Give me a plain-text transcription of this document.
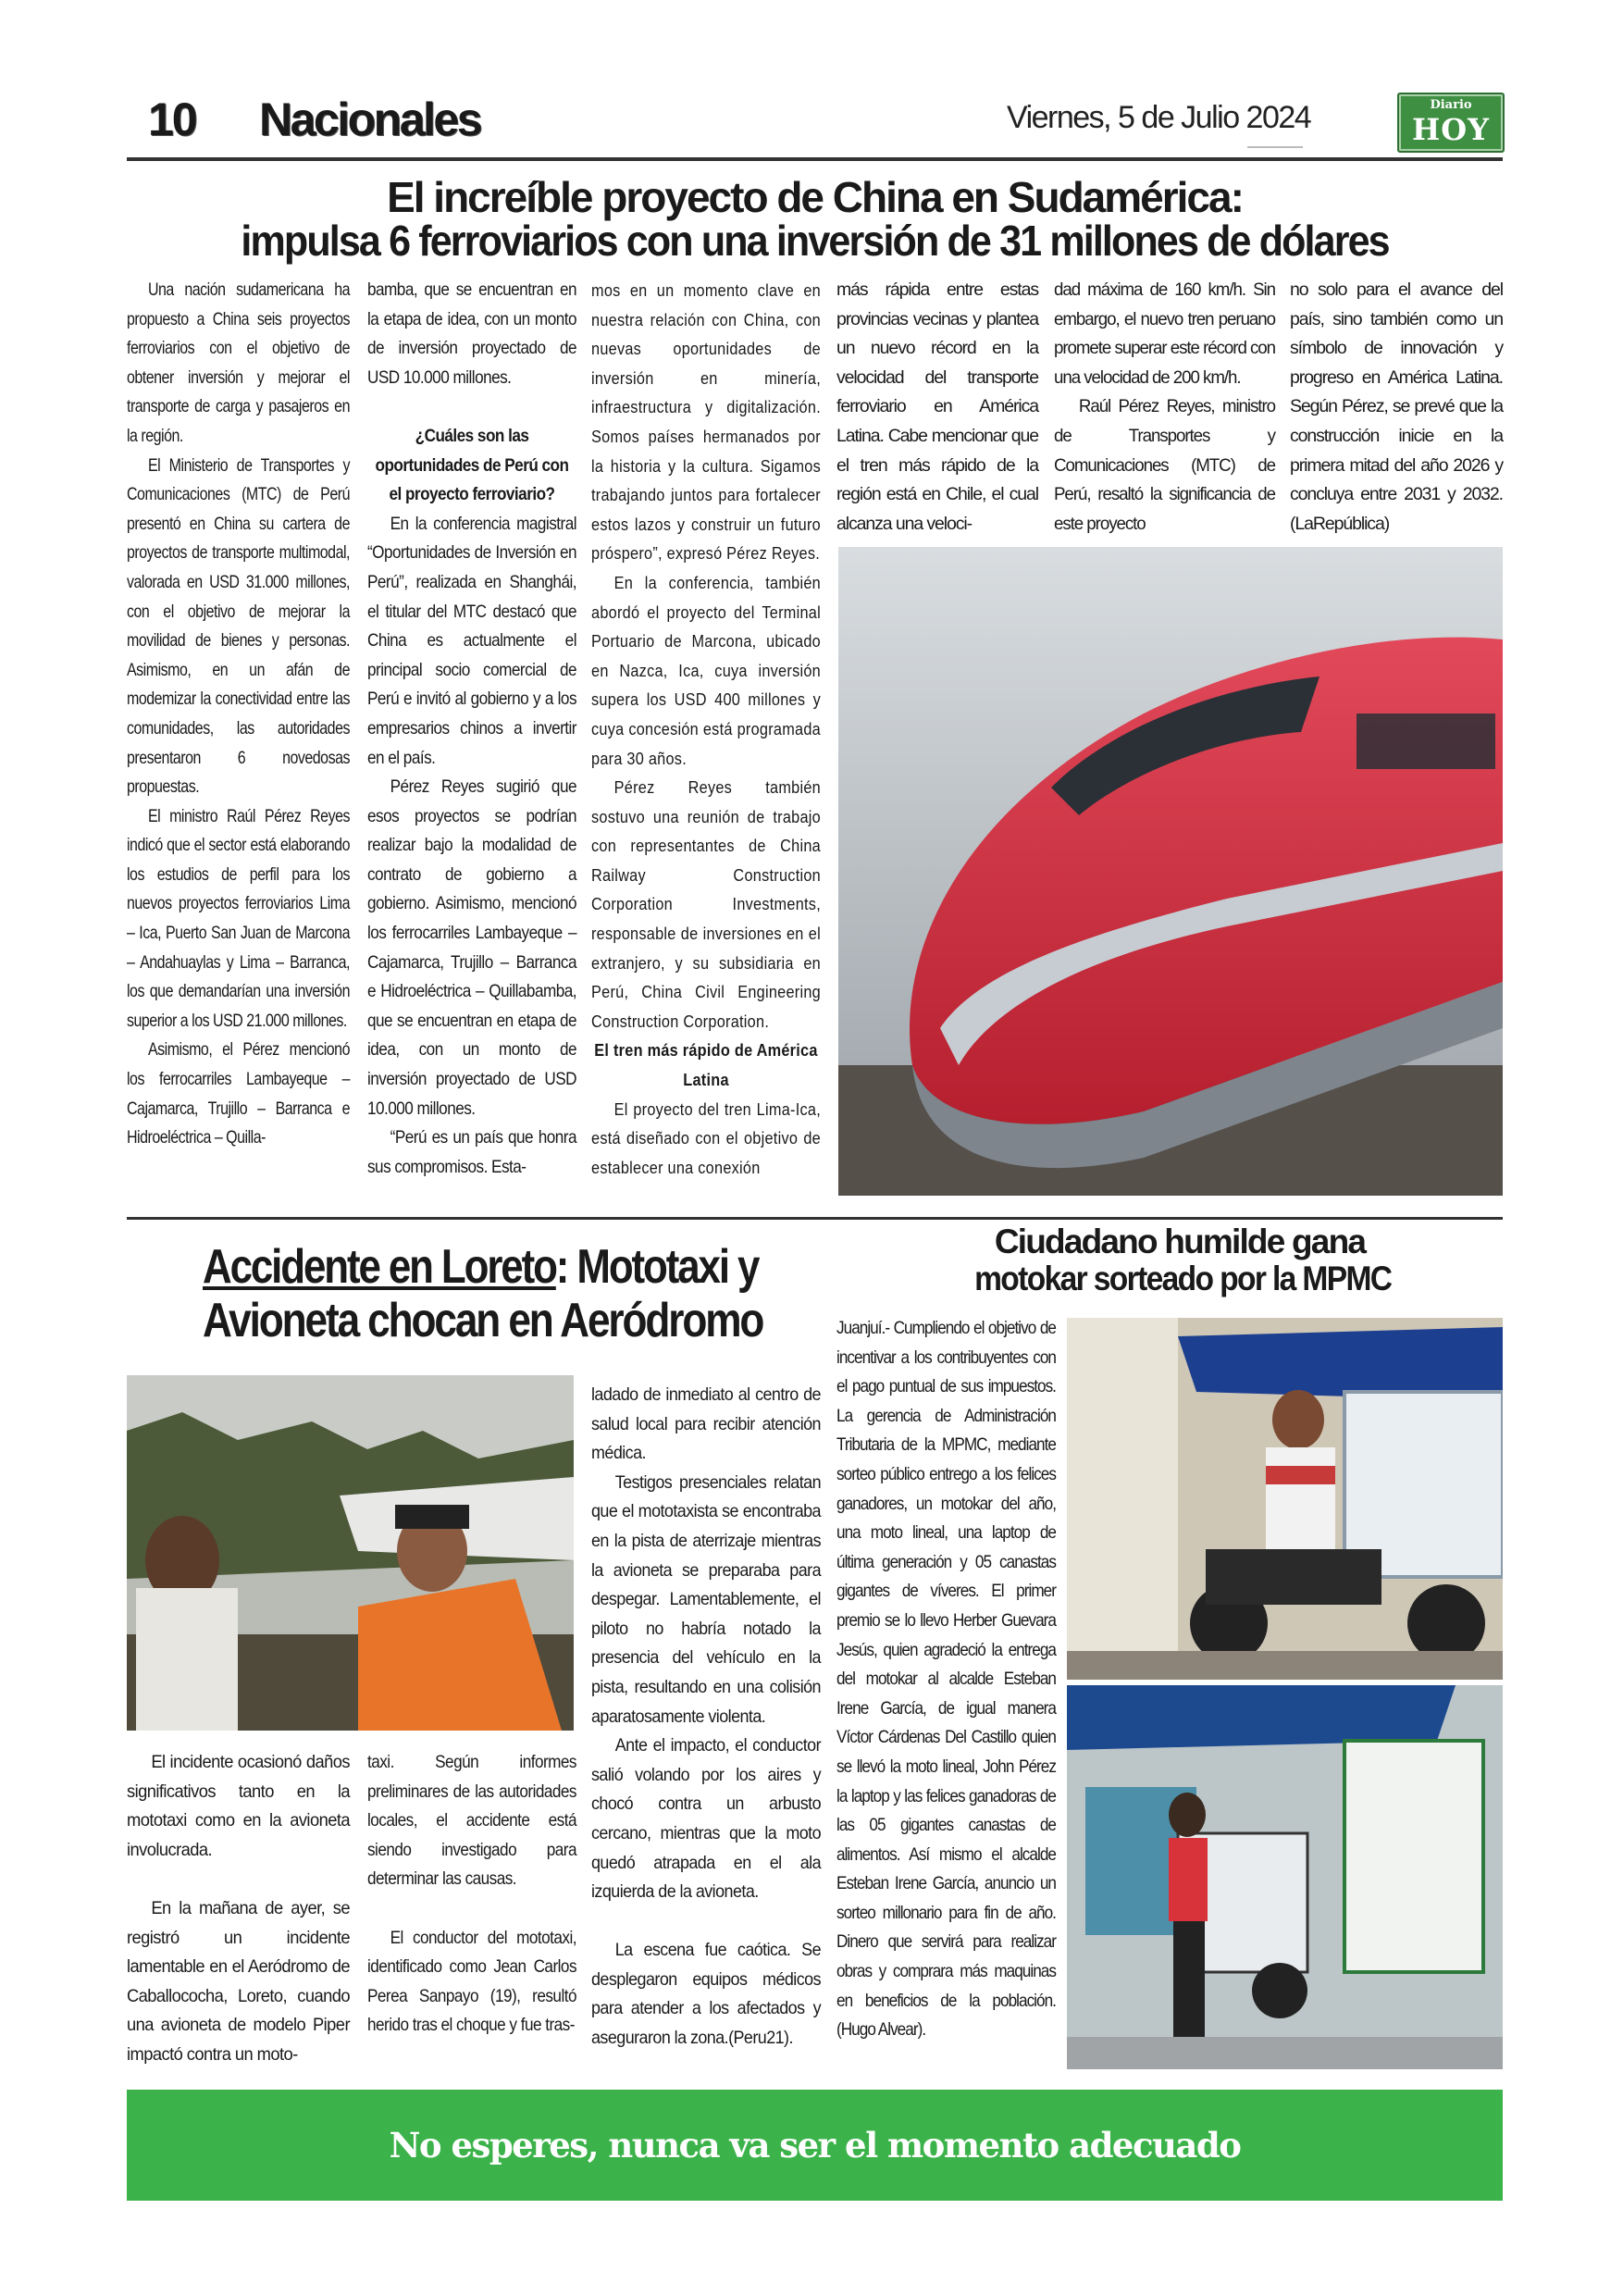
10 Nacionales	Viernes, 5 de Julio 2024	Diario
HOY
El increíble proyecto de China en Sudamérica:
impulsa 6 ferroviarios con una inversión de 31 millones de dólares

Una nación sudamericana ha propuesto a China seis proyectos ferroviarios con el objetivo de obtener inversión y mejorar el transporte de carga y pasajeros en la región.

El Ministerio de Transportes y Comunicaciones (MTC) de Perú presentó en China su cartera de proyectos de transporte multimodal, valorada en USD 31.000 millones, con el objetivo de mejorar la movilidad de bienes y personas. Asimismo, en un afán de modemizar la conectividad entre las comunidades, las autoridades presentaron 6 novedosas propuestas.

El ministro Raúl Pérez Reyes indicó que el sector está elaborando los estudios de perfil para los nuevos proyectos ferroviarios Lima – Ica, Puerto San Juan de Marcona – Andahuaylas y Lima – Barranca, los que demandarían una inversión superior a los USD 21.000 millones.

Asimismo, el Pérez mencionó los ferrocarriles Lambayeque – Cajamarca, Trujillo – Barranca e Hidroeléctrica – Quilla-

bamba, que se encuentran en la etapa de idea, con un monto de inversión proyectado de USD 10.000 millones.

¿Cuáles son las oportunidades de Perú con el proyecto ferroviario?

En la conferencia magistral “Oportunidades de Inversión en Perú”, realizada en Shanghái, el titular del MTC destacó que China es actualmente el principal socio comercial de Perú e invitó al gobierno y a los empresarios chinos a invertir en el país.

Pérez Reyes sugirió que esos proyectos se podrían realizar bajo la modalidad de contrato de gobierno a gobierno. Asimismo, mencionó los ferrocarriles Lambayeque – Cajamarca, Trujillo – Barranca e Hidroeléctrica – Quillabamba, que se encuentran en etapa de idea, con un monto de inversión proyectado de USD 10.000 millones.

“Perú es un país que honra sus compromisos. Esta-

mos en un momento clave en nuestra relación con China, con nuevas oportunidades de inversión en minería, infraestructura y digitalización. Somos países hermanados por la historia y la cultura. Sigamos trabajando juntos para fortalecer estos lazos y construir un futuro próspero”, expresó Pérez Reyes.

En la conferencia, también abordó el proyecto del Terminal Portuario de Marcona, ubicado en Nazca, Ica, cuya inversión supera los USD 400 millones y cuya concesión está programada para 30 años.

Pérez Reyes también sostuvo una reunión de trabajo con representantes de China Railway Construction Corporation Investments, responsable de inversiones en el extranjero, y su subsidiaria en Perú, China Civil Engineering Construction Corporation.

El tren más rápido de América Latina

El proyecto del tren Lima-Ica, está diseñado con el objetivo de establecer una conexión

más rápida entre estas provincias vecinas y plantea un nuevo récord en la velocidad del transporte ferroviario en América Latina. Cabe mencionar que el tren más rápido de la región está en Chile, el cual alcanza una veloci-

dad máxima de 160 km/h. Sin embargo, el nuevo tren peruano promete superar este récord con una velocidad de 200 km/h.

Raúl Pérez Reyes, ministro de Transportes y Comunicaciones (MTC) de Perú, resaltó la significancia de este proyecto

no solo para el avance del país, sino también como un símbolo de innovación y progreso en América Latina. Según Pérez, se prevé que la construcción inicie en la primera mitad del año 2026 y concluya entre 2031 y 2032.(LaRepública)

Accidente en Loreto: Mototaxi y
Avioneta chocan en Aeródromo

El incidente ocasionó daños significativos tanto en la mototaxi como en la avioneta involucrada.

En la mañana de ayer, se registró un incidente lamentable en el Aeródromo de Caballococha, Loreto, cuando una avioneta de modelo Piper impactó contra un moto-

taxi. Según informes preliminares de las autoridades locales, el accidente está siendo investigado para determinar las causas.

El conductor del mototaxi, identificado como Jean Carlos Perea Sanpayo (19), resultó herido tras el choque y fue tras-

ladado de inmediato al centro de salud local para recibir atención médica.

Testigos presenciales relatan que el mototaxista se encontraba en la pista de aterrizaje mientras la avioneta se preparaba para despegar. Lamentablemente, el piloto no habría notado la presencia del vehículo en la pista, resultando en una colisión aparatosamente violenta.

Ante el impacto, el conductor salió volando por los aires y chocó contra un arbusto cercano, mientras que la moto quedó atrapada en el ala izquierda de la avioneta.

La escena fue caótica. Se desplegaron equipos médicos para atender a los afectados y aseguraron la zona.(Peru21).

Ciudadano humilde gana
motokar sorteado por la MPMC

Juanjuí.- Cumpliendo el objetivo de incentivar a los contribuyentes con el pago puntual de sus impuestos. La gerencia de Administración Tributaria de la MPMC, mediante sorteo público entrego a los felices ganadores, un motokar del año, una moto lineal, una laptop de última generación y 05 canastas gigantes de víveres. El primer premio se lo llevo Herber Guevara Jesús, quien agradeció la entrega del motokar al alcalde Esteban Irene García, de igual manera Víctor Cárdenas Del Castillo quien se llevó la moto lineal, John Pérez la laptop y las felices ganadoras de las 05 gigantes canastas de alimentos. Así mismo el alcalde Esteban Irene García, anuncio un sorteo millonario para fin de año. Dinero que servirá para realizar obras y comprara más maquinas en beneficios de la población. (Hugo Alvear).

No esperes, nunca va ser el momento adecuado
